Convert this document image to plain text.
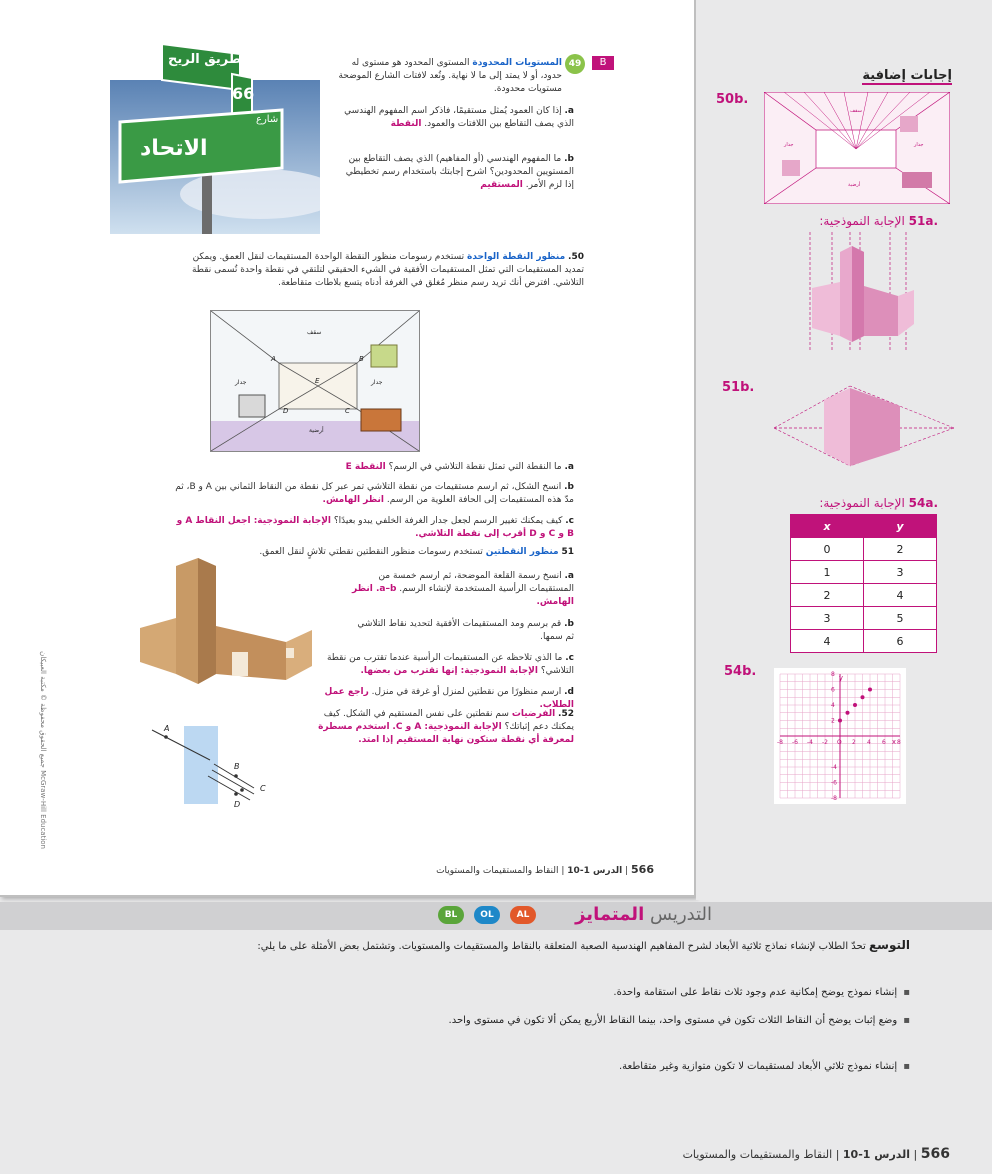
B
49
طريق الريح
66
شارع
الاتحاد
المستويات المحدودة المستوى المحدود هو مستوى له حدود، أو لا يمتد إلى ما لا نهاية. وتُعد لافتات الشارع الموضحة مستويات محدودة.
a. إذا كان العمود يُمثل مستقيمًا، فاذكر اسم المفهوم الهندسي الذي يصف التقاطع بين اللافتات والعمود. النقطة
b. ما المفهوم الهندسي (أو المفاهيم) الذي يصف التقاطع بين المستويين المحدودين؟ اشرح إجابتك باستخدام رسم تخطيطي إذا لزم الأمر. المستقيم
50. منظور النقطة الواحدة تستخدم رسومات منظور النقطة الواحدة المستقيمات لنقل العمق. ويمكن تمديد المستقيمات التي تمثل المستقيمات الأفقية في الشيء الحقيقي لتلتقي في نقطة واحدة تُسمى نقطة التلاشي. افترض أنك تريد رسم منظر مُغلق في الغرفة أدناه يتسع بلاطات متقاطعة.
سقف
جدار	جدار
أرضية
A	B
C
D
E
a. ما النقطة التي تمثل نقطة التلاشي في الرسم؟ النقطة E
b. انسخ الشكل، ثم ارسم مستقيمات من نقطة التلاشي تمر عبر كل نقطة من النقاط الثماني بين A و B، ثم مدّ هذه المستقيمات إلى الحافة العلوية من الرسم. انظر الهامش.
c. كيف يمكنك تغيير الرسم لجعل جدار الغرفة الخلفي يبدو بعيدًا؟ الإجابة النموذجية: اجعل النقاط A و B و C و D أقرب إلى نقطة التلاشي.
51 منظور النقطتين تستخدم رسومات منظور النقطتين نقطتي تلاشٍ لنقل العمق.
a. انسخ رسمة القلعة الموضحة، ثم ارسم خمسة من المستقيمات الرأسية المستخدمة لإنشاء الرسم. a–b. انظر الهامش.
b. قم برسم ومد المستقيمات الأفقية لتحديد نقاط التلاشي ثم سمها.
c. ما الذي تلاحظه عن المستقيمات الرأسية عندما تقترب من نقطة التلاشي؟ الإجابة النموذجية: إنها تقترب من بعضها.
d. ارسم منظورًا من نقطتين لمنزل أو غرفة في منزل. راجع عمل الطلاب.
52. الفرضيات سم نقطتين على نفس المستقيم في الشكل. كيف يمكنك دعم إثباتك؟ الإجابة النموذجية: A و C. استخدم مسطرة لمعرفة أي نقطة ستكون نهاية المستقيم إذا امتد.
A
B
C
D
McGraw-Hill Education جميع الحقوق محفوظة © مكتبة العبيكان
566 | الدرس 1-10 | النقاط والمستقيمات والمستويات
إجابات إضافية
50b.
سقف
جدار	جدار
أرضية
51a. الإجابة النموذجية:
51b.
54a. الإجابة النموذجية:
x	y
0	2
1	3
2	4
3	5
4	6
54b.
x
y
-8 -6 -4 -2 O 2 4 6 8
8
6
4
2
-4
-6
-8
التدريس المتمايز
AL
OL
BL
التوسع تحدّ الطلاب لإنشاء نماذج ثلاثية الأبعاد لشرح المفاهيم الهندسية الصعبة المتعلقة بالنقاط والمستقيمات والمستويات. وتشتمل بعض الأمثلة على ما يلي:
▪ إنشاء نموذج يوضح إمكانية عدم وجود ثلاث نقاط على استقامة واحدة.
▪ وضع إثبات يوضح أن النقاط الثلاث تكون في مستوى واحد، بينما النقاط الأربع يمكن ألا تكون في مستوى واحد.
▪ إنشاء نموذج ثلاثي الأبعاد لمستقيمات لا تكون متوازية وغير متقاطعة.
566 | الدرس 1-10 | النقاط والمستقيمات والمستويات
